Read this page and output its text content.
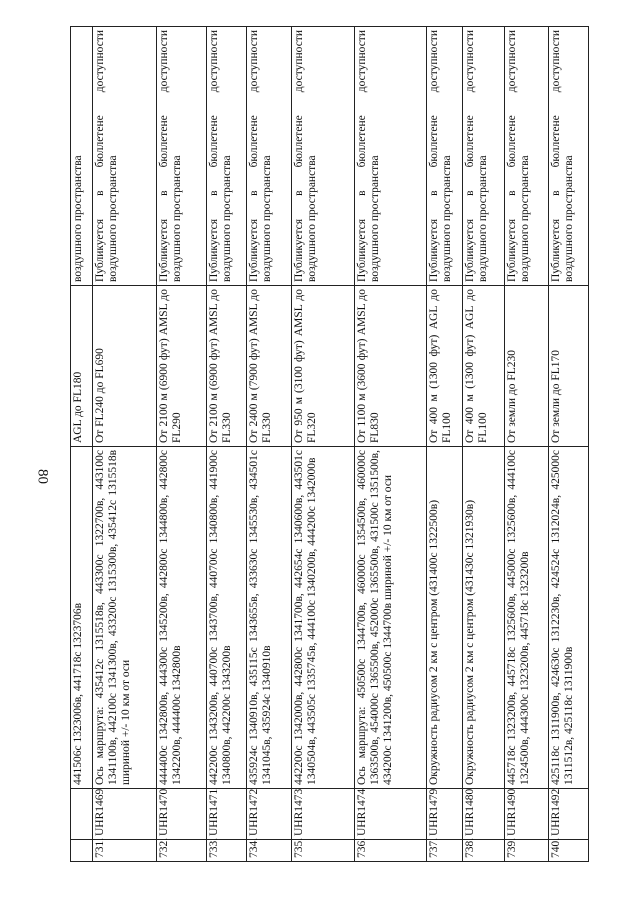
80
		441506с 1323006в, 441718с 1323706в	AGL до FL180	воздушного пространства
731.	UHR1469	Ось маршрута: 435412с 1315518в, 443300с 1322700в, 443100с 1341100в, 442100с 1341300в, 433200с 1315300в, 435412с 1315518в шириной +/- 10 км от оси	От FL240 до FL690	Публикуется в бюллетене доступности воздушного пространства
732.	UHR1470	444400с 1342800в, 444300с 1345200в, 442800с 1344800в, 442800с 1342200в, 444400с 1342800в	От 2100 м (6900 фут) AMSL до FL290	Публикуется в бюллетене доступности воздушного пространства
733.	UHR1471	442200с 1343200в, 440700с 1343700в, 440700с 1340800в, 441900с 1340800в, 442200с 1343200в	От 2100 м (6900 фут) AMSL до FL330	Публикуется в бюллетене доступности воздушного пространства
734.	UHR1472	435924с 1340910в, 435115с 1343655в, 433630с 1345530в, 434501с 1341045в, 435924с 1340910в	От 2400 м (7900 фут) AMSL до FL330	Публикуется в бюллетене доступности воздушного пространства
735.	UHR1473	442200с 1342000в, 442800с 1341700в, 442654с 1340600в, 443501с 1340504в, 443505с 1335745в, 444100с 1340200в, 444200с 1342000в	От 950 м (3100 фут) AMSL до FL320	Публикуется в бюллетене доступности воздушного пространства
736.	UHR1474	Ось маршрута: 450500с 1344700в, 460000с 1354500в, 460000с 1363500в, 454000с 1365500в, 452000с 1365500в, 431500с 1351500в, 434200с 1341200в, 450500с 1344700в шириной +/- 10 км от оси	От 1100 м (3600 фут) AMSL до FL830	Публикуется в бюллетене доступности воздушного пространства
737.	UHR1479	Окружность радиусом 2 км с центром (431400с 1322500в)	От 400 м (1300 фут) AGL до FL100	Публикуется в бюллетене доступности воздушного пространства
738.	UHR1480	Окружность радиусом 2 км с центром (431430с 1321930в)	От 400 м (1300 фут) AGL до FL100	Публикуется в бюллетене доступности воздушного пространства
739.	UHR1490	445718с 1323200в, 445718с 1325600в, 445000с 1325600в, 444100с 1324500в, 444300с 1323200в, 445718с 1323200в	От земли до FL230	Публикуется в бюллетене доступности воздушного пространства
740.	UHR1492	425118с 1311900в, 424630с 1312230в, 424524с 1312024в, 425000с 1311512в, 425118с 1311900в	От земли до FL170	Публикуется в бюллетене доступности воздушного пространства
